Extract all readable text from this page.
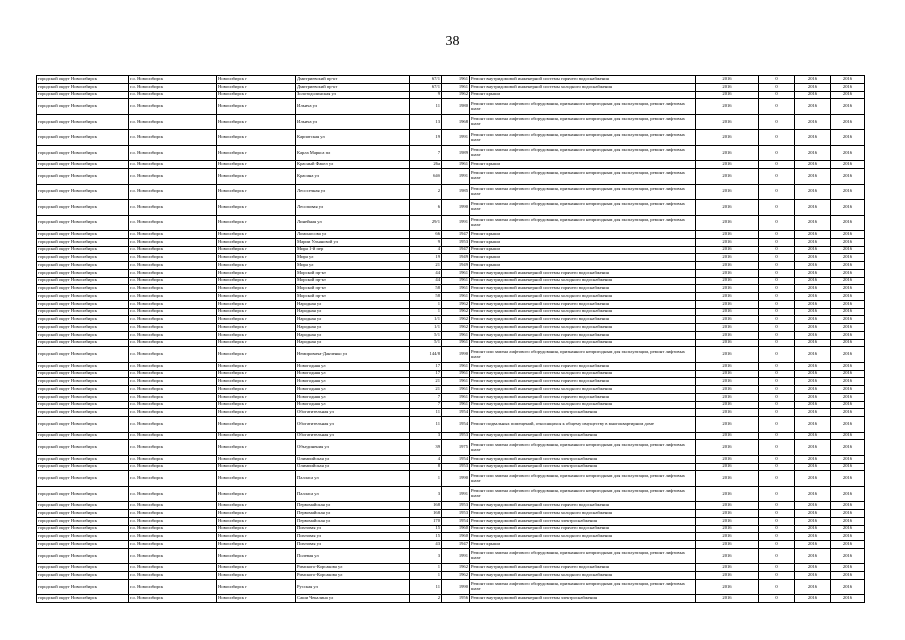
38
городской округ Новосибирск	г.о. Новосибирск	Новосибирск г	Дмитриевский пр-кт	67/1	1961	Ремонт внутридомовой инженерной системы горячего водоснабжения	2016	0	2016	2016
городской округ Новосибирск	г.о. Новосибирск	Новосибирск г	Дмитриевский пр-кт	67/1	1961	Ремонт внутридомовой инженерной системы холодного водоснабжения	2016	0	2016	2016
городской округ Новосибирск	г.о. Новосибирск	Новосибирск г	Золотодолинская ул	9	1962	Ремонт крыши	2016	0	2016	2016
городской округ Новосибирск	г.о. Новосибирск	Новосибирск г	Ильича ул	11	1980	Ремонт или замена лифтового оборудования, признанного непригодным для эксплуатации, ремонт лифтовых шахт	2016	0	2016	2016
городской округ Новосибирск	г.о. Новосибирск	Новосибирск г	Ильича ул	13	1968	Ремонт или замена лифтового оборудования, признанного непригодным для эксплуатации, ремонт лифтовых шахт	2016	0	2016	2016
городской округ Новосибирск	г.о. Новосибирск	Новосибирск г	Карпатская ул	19	1991	Ремонт или замена лифтового оборудования, признанного непригодным для эксплуатации, ремонт лифтовых шахт	2016	0	2016	2016
городской округ Новосибирск	г.о. Новосибирск	Новосибирск г	Карла Маркса пл	7	1989	Ремонт или замена лифтового оборудования, признанного непригодным для эксплуатации, ремонт лифтовых шахт	2016	0	2016	2016
городской округ Новосибирск	г.о. Новосибирск	Новосибирск г	Красный Факел ул	26а	1961	Ремонт крыши	2016	0	2016	2016
городской округ Новосибирск	г.о. Новосибирск	Новосибирск г	Красина ул	64б	1991	Ремонт или замена лифтового оборудования, признанного непригодным для эксплуатации, ремонт лифтовых шахт	2016	0	2016	2016
городской округ Новосибирск	г.о. Новосибирск	Новосибирск г	Лесосечная ул	2	1985	Ремонт или замена лифтового оборудования, признанного непригодным для эксплуатации, ремонт лифтовых шахт	2016	0	2016	2016
городской округ Новосибирск	г.о. Новосибирск	Новосибирск г	Лесоповая ул	6	1990	Ремонт или замена лифтового оборудования, признанного непригодным для эксплуатации, ремонт лифтовых шахт	2016	0	2016	2016
городской округ Новосибирск	г.о. Новосибирск	Новосибирск г	Линейная ул	29/1	1991	Ремонт или замена лифтового оборудования, признанного непригодным для эксплуатации, ремонт лифтовых шахт	2016	0	2016	2016
городской округ Новосибирск	г.о. Новосибирск	Новосибирск г	Ломоносова ул	66	1947	Ремонт крыши	2016	0	2016	2016
городской округ Новосибирск	г.о. Новосибирск	Новосибирск г	Марии Ульяновой ул	9	1953	Ремонт крыши	2016	0	2016	2016
городской округ Новосибирск	г.о. Новосибирск	Новосибирск г	Мира 1-й пер	4	1947	Ремонт крыши	2016	0	2016	2016
городской округ Новосибирск	г.о. Новосибирск	Новосибирск г	Мира ул	19	1949	Ремонт крыши	2016	0	2016	2016
городской округ Новосибирск	г.о. Новосибирск	Новосибирск г	Мира ул	21	1949	Ремонт крыши	2016	0	2016	2016
городской округ Новосибирск	г.о. Новосибирск	Новосибирск г	Морской пр-кт	44	1961	Ремонт внутридомовой инженерной системы горячего водоснабжения	2016	0	2016	2016
городской округ Новосибирск	г.о. Новосибирск	Новосибирск г	Морской пр-кт	44	1961	Ремонт внутридомовой инженерной системы холодного водоснабжения	2016	0	2016	2016
городской округ Новосибирск	г.о. Новосибирск	Новосибирск г	Морской пр-кт	58	1961	Ремонт внутридомовой инженерной системы горячего водоснабжения	2016	0	2016	2016
городской округ Новосибирск	г.о. Новосибирск	Новосибирск г	Морской пр-кт	58	1961	Ремонт внутридомовой инженерной системы холодного водоснабжения	2016	0	2016	2016
городской округ Новосибирск	г.о. Новосибирск	Новосибирск г	Народная ул	1	1962	Ремонт внутридомовой инженерной системы горячего водоснабжения	2016	0	2016	2016
городской округ Новосибирск	г.о. Новосибирск	Новосибирск г	Народная ул	1	1962	Ремонт внутридомовой инженерной системы холодного водоснабжения	2016	0	2016	2016
городской округ Новосибирск	г.о. Новосибирск	Новосибирск г	Народная ул	1/1	1962	Ремонт внутридомовой инженерной системы горячего водоснабжения	2016	0	2016	2016
городской округ Новосибирск	г.о. Новосибирск	Новосибирск г	Народная ул	1/1	1962	Ремонт внутридомовой инженерной системы холодного водоснабжения	2016	0	2016	2016
городской округ Новосибирск	г.о. Новосибирск	Новосибирск г	Народная ул	5/1	1961	Ремонт внутридомовой инженерной системы горячего водоснабжения	2016	0	2016	2016
городской округ Новосибирск	г.о. Новосибирск	Новосибирск г	Народная ул	5/1	1961	Ремонт внутридомовой инженерной системы холодного водоснабжения	2016	0	2016	2016
городской округ Новосибирск	г.о. Новосибирск	Новосибирск г	Немировича-Данченко ул	144/8	1990	Ремонт или замена лифтового оборудования, признанного непригодным для эксплуатации, ремонт лифтовых шахт	2016	0	2016	2016
городской округ Новосибирск	г.о. Новосибирск	Новосибирск г	Новогодняя ул	17	1961	Ремонт внутридомовой инженерной системы горячего водоснабжения	2016	0	2016	2016
городской округ Новосибирск	г.о. Новосибирск	Новосибирск г	Новогодняя ул	17	1961	Ремонт внутридомовой инженерной системы холодного водоснабжения	2016	0	2016	2016
городской округ Новосибирск	г.о. Новосибирск	Новосибирск г	Новогодняя ул	21	1961	Ремонт внутридомовой инженерной системы горячего водоснабжения	2016	0	2016	2016
городской округ Новосибирск	г.о. Новосибирск	Новосибирск г	Новогодняя ул	21	1961	Ремонт внутридомовой инженерной системы холодного водоснабжения	2016	0	2016	2016
городской округ Новосибирск	г.о. Новосибирск	Новосибирск г	Новогодняя ул	7	1961	Ремонт внутридомовой инженерной системы горячего водоснабжения	2016	0	2016	2016
городской округ Новосибирск	г.о. Новосибирск	Новосибирск г	Новогодняя ул	7	1961	Ремонт внутридомовой инженерной системы холодного водоснабжения	2016	0	2016	2016
городской округ Новосибирск	г.о. Новосибирск	Новосибирск г	Обогатительная ул	11	1954	Ремонт внутридомовой инженерной системы электроснабжения	2016	0	2016	2016
городской округ Новосибирск	г.о. Новосибирск	Новосибирск г	Обогатительная ул	11	1954	Ремонт подвальных помещений, относящихся к общему имуществу в многоквартирном доме	2016	0	2016	2016
городской округ Новосибирск	г.о. Новосибирск	Новосибирск г	Обогатительная ул	3	1953	Ремонт внутридомовой инженерной системы электроснабжения	2016	0	2016	2016
городской округ Новосибирск	г.о. Новосибирск	Новосибирск г	Объединения ул	39	1975	Ремонт или замена лифтового оборудования, признанного непригодным для эксплуатации, ремонт лифтовых шахт	2016	0	2016	2016
городской округ Новосибирск	г.о. Новосибирск	Новосибирск г	Олимпийская ул	4	1954	Ремонт внутридомовой инженерной системы электроснабжения	2016	0	2016	2016
городской округ Новосибирск	г.о. Новосибирск	Новосибирск г	Олимпийская ул	8	1953	Ремонт внутридомовой инженерной системы электроснабжения	2016	0	2016	2016
городской округ Новосибирск	г.о. Новосибирск	Новосибирск г	Палласа ул	1	1990	Ремонт или замена лифтового оборудования, признанного непригодным для эксплуатации, ремонт лифтовых шахт	2016	0	2016	2016
городской округ Новосибирск	г.о. Новосибирск	Новосибирск г	Палласа ул	3	1991	Ремонт или замена лифтового оборудования, признанного непригодным для эксплуатации, ремонт лифтовых шахт	2016	0	2016	2016
городской округ Новосибирск	г.о. Новосибирск	Новосибирск г	Первомайская ул	168	1953	Ремонт внутридомовой инженерной системы горячего водоснабжения	2016	0	2016	2016
городской округ Новосибирск	г.о. Новосибирск	Новосибирск г	Первомайская ул	168	1953	Ремонт внутридомовой инженерной системы холодного водоснабжения	2016	0	2016	2016
городской округ Новосибирск	г.о. Новосибирск	Новосибирск г	Первомайская ул	170	1954	Ремонт внутридомовой инженерной системы электроснабжения	2016	0	2016	2016
городской округ Новосибирск	г.о. Новосибирск	Новосибирск г	Пихтовая ул	15	1960	Ремонт внутридомовой инженерной системы горячего водоснабжения	2016	0	2016	2016
городской округ Новосибирск	г.о. Новосибирск	Новосибирск г	Пихтовая ул	15	1960	Ремонт внутридомовой инженерной системы холодного водоснабжения	2016	0	2016	2016
городской округ Новосибирск	г.о. Новосибирск	Новосибирск г	Пихтовая ул	43	1947	Ремонт крыши	2016	0	2016	2016
городской округ Новосибирск	г.о. Новосибирск	Новосибирск г	Полевая ул	3	1991	Ремонт или замена лифтового оборудования, признанного непригодным для эксплуатации, ремонт лифтовых шахт	2016	0	2016	2016
городской округ Новосибирск	г.о. Новосибирск	Новосибирск г	Римского-Корсакова ул	1	1962	Ремонт внутридомовой инженерной системы горячего водоснабжения	2016	0	2016	2016
городской округ Новосибирск	г.о. Новосибирск	Новосибирск г	Римского-Корсакова ул	1	1962	Ремонт внутридомовой инженерной системы холодного водоснабжения	2016	0	2016	2016
городской округ Новосибирск	г.о. Новосибирск	Новосибирск г	Русская ул	11	1990	Ремонт или замена лифтового оборудования, признанного непригодным для эксплуатации, ремонт лифтовых шахт	2016	0	2016	2016
городской округ Новосибирск	г.о. Новосибирск	Новосибирск г	Саши Чекалина ул	2	1956	Ремонт внутридомовой инженерной системы электроснабжения	2016	0	2016	2016
